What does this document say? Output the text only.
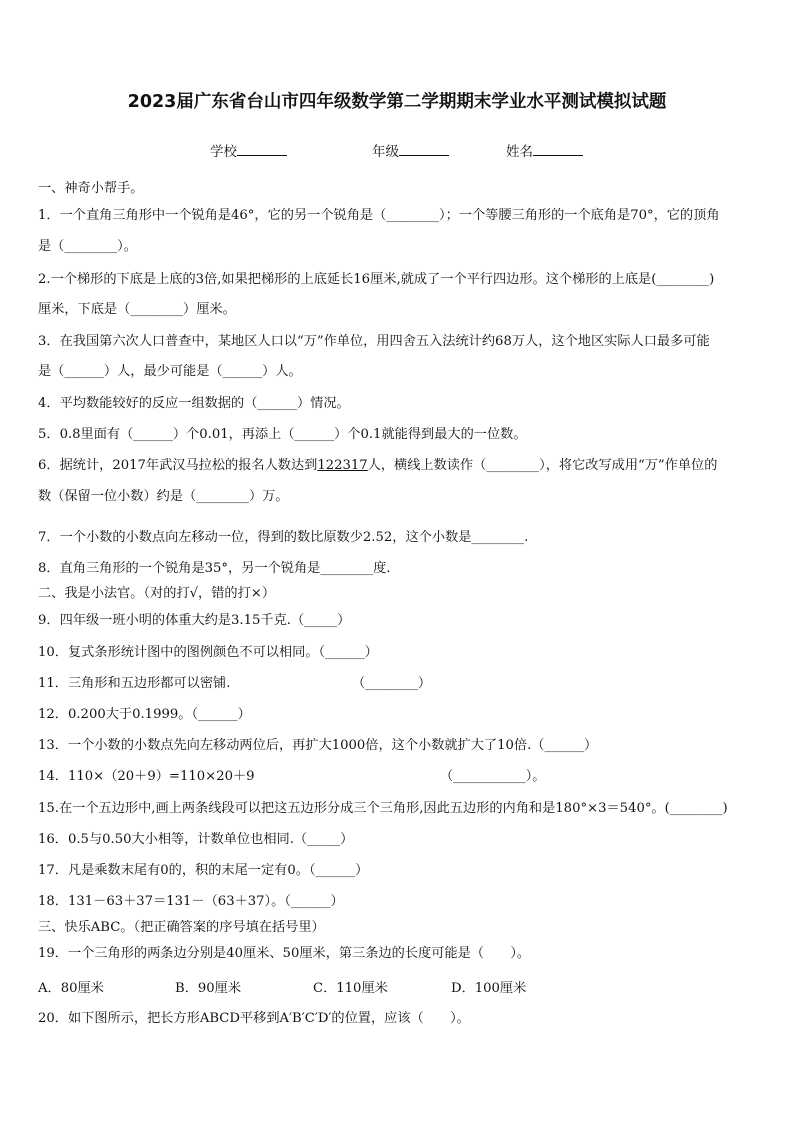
2023届广东省台山市四年级数学第二学期期末学业水平测试模拟试题
学校	年级	姓名
一、神奇小帮手。
1．一个直角三角形中一个锐角是46°，它的另一个锐角是（________）；一个等腰三角形的一个底角是70°，它的顶角
是（________）。
2.一个梯形的下底是上底的3倍,如果把梯形的上底延长16厘米,就成了一个平行四边形。这个梯形的上底是(________)
厘米，下底是（________）厘米。
3．在我国第六次人口普查中，某地区人口以“万”作单位，用四舍五入法统计约68万人，这个地区实际人口最多可能
是（______）人，最少可能是（______）人。
4．平均数能较好的反应一组数据的（______）情况。
5．0.8里面有（______）个0.01，再添上（______）个0.1就能得到最大的一位数。
6．据统计，2017年武汉马拉松的报名人数达到122317人，横线上数读作（________），将它改写成用“万”作单位的
数（保留一位小数）约是（________）万。
7．一个小数的小数点向左移动一位，得到的数比原数少2.52，这个小数是________.
8．直角三角形的一个锐角是35°，另一个锐角是________度.
二、我是小法官。（对的打√，错的打×）
9．四年级一班小明的体重大约是3.15千克.（_____）
10．复式条形统计图中的图例颜色不可以相同。（______）
11．三角形和五边形都可以密铺.	（________）
12．0.200大于0.1999。（______）
13．一个小数的小数点先向左移动两位后，再扩大1000倍，这个小数就扩大了10倍.（______）
14．110×（20＋9）=110×20＋9	（___________）。
15.在一个五边形中,画上两条线段可以把这五边形分成三个三角形,因此五边形的内角和是180°×3＝540°。(________)
16．0.5与0.50大小相等，计数单位也相同.（_____）
17．凡是乘数末尾有0的，积的末尾一定有0。（______）
18．131－63＋37＝131－（63＋37）。（______）
三、快乐ABC。（把正确答案的序号填在括号里）
19．一个三角形的两条边分别是40厘米、50厘米，第三条边的长度可能是（　　）。
A．80厘米	B．90厘米	C．110厘米	D．100厘米
20．如下图所示，把长方形ABCD平移到A′B′C′D′的位置，应该（　　）。
